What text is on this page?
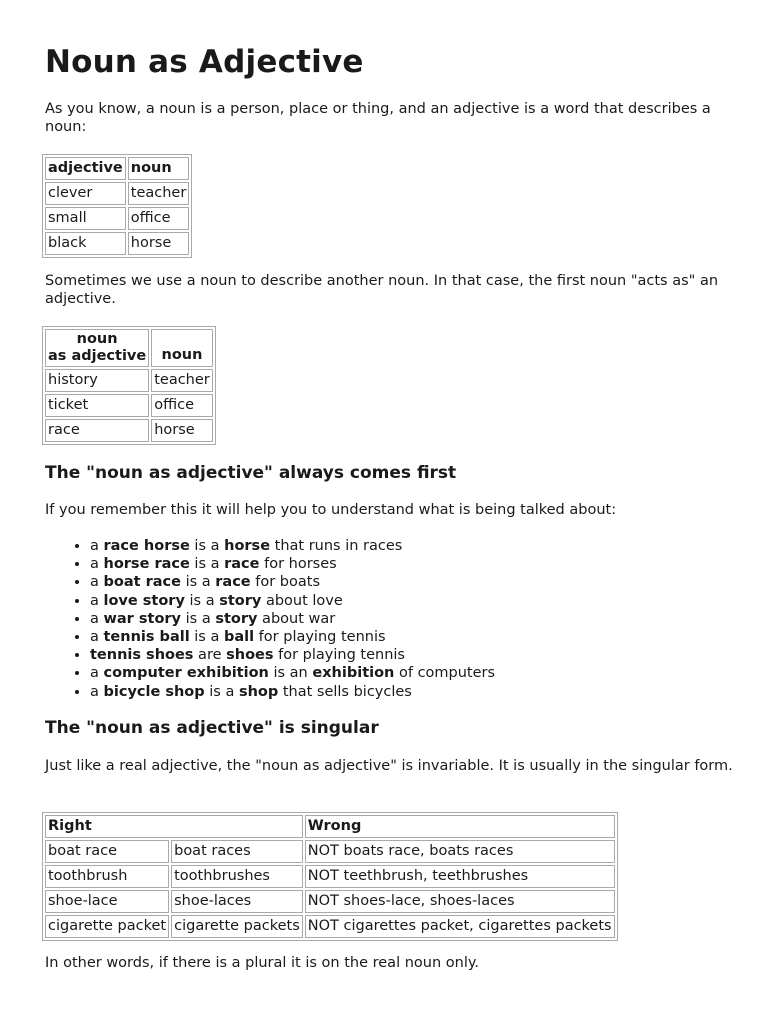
Noun as Adjective

As you know, a noun is a person, place or thing, and an adjective is a word that describes a noun:

adjective	noun
clever	teacher
small	office
black	horse

Sometimes we use a noun to describe another noun. In that case, the first noun "acts as" an adjective.

noun
as adjective	noun
history	teacher
ticket	office
race	horse
The "noun as adjective" always comes first

If you remember this it will help you to understand what is being talked about:

• a race horse is a horse that runs in races
• a horse race is a race for horses
• a boat race is a race for boats
• a love story is a story about love
• a war story is a story about war
• a tennis ball is a ball for playing tennis
• tennis shoes are shoes for playing tennis
• a computer exhibition is an exhibition of computers
• a bicycle shop is a shop that sells bicycles
The "noun as adjective" is singular

Just like a real adjective, the "noun as adjective" is invariable. It is usually in the singular form.

Right		Wrong
boat race	boat races	NOT boats race, boats races
toothbrush	toothbrushes	NOT teethbrush, teethbrushes
shoe-lace	shoe-laces	NOT shoes-lace, shoes-laces
cigarette packet	cigarette packets	NOT cigarettes packet, cigarettes packets

In other words, if there is a plural it is on the real noun only.
